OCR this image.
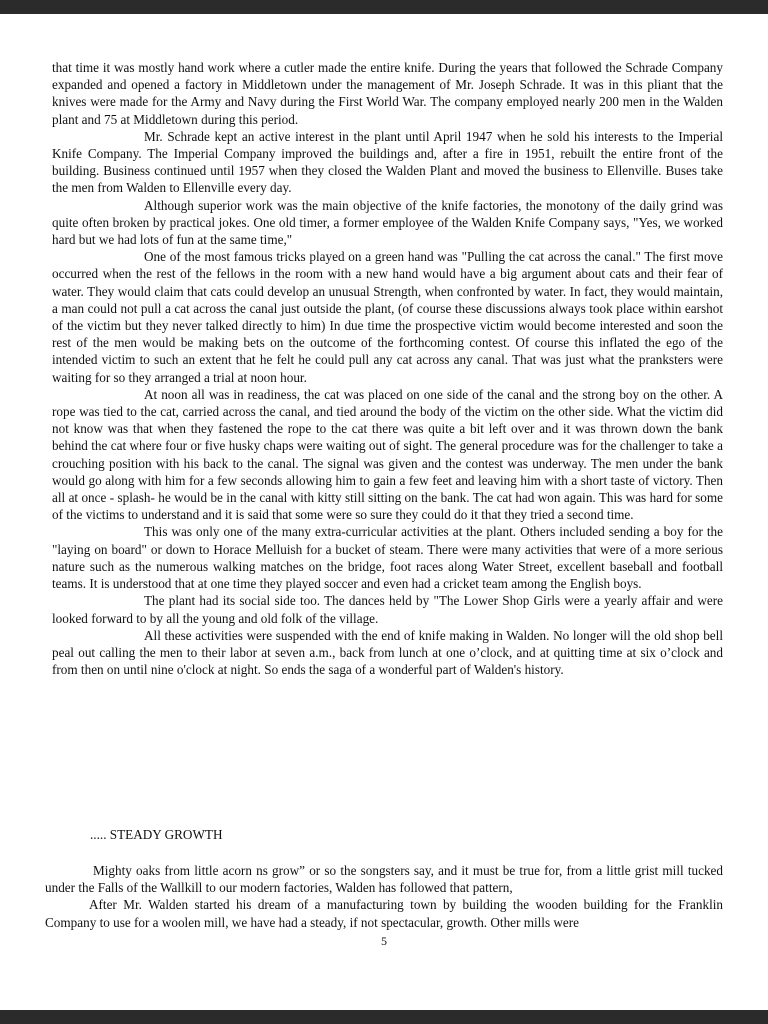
that time it was mostly hand work where a cutler made the entire knife. During the years that followed the Schrade Company expanded and opened a factory in Middletown under the management of Mr. Joseph Schrade. It was in this pliant that the knives were made for the Army and Navy during the First World War. The company employed nearly 200 men in the Walden plant and 75 at Middletown during this period.

Mr. Schrade kept an active interest in the plant until April 1947 when he sold his interests to the Imperial Knife Company. The Imperial Company improved the buildings and, after a fire in 1951, rebuilt the entire front of the building. Business continued until 1957 when they closed the Walden Plant and moved the business to Ellenville. Buses take the men from Walden to Ellenville every day.

Although superior work was the main objective of the knife factories, the monotony of the daily grind was quite often broken by practical jokes. One old timer, a former employee of the Walden Knife Company says, "Yes, we worked hard but we had lots of fun at the same time,"

One of the most famous tricks played on a green hand was "Pulling the cat across the canal." The first move occurred when the rest of the fellows in the room with a new hand would have a big argument about cats and their fear of water. They would claim that cats could develop an unusual Strength, when confronted by water. In fact, they would maintain, a man could not pull a cat across the canal just outside the plant, (of course these discussions always took place within earshot of the victim but they never talked directly to him) In due time the prospective victim would become interested and soon the rest of the men would be making bets on the outcome of the forthcoming contest. Of course this inflated the ego of the intended victim to such an extent that he felt he could pull any cat across any canal. That was just what the pranksters were waiting for so they arranged a trial at noon hour.

At noon all was in readiness, the cat was placed on one side of the canal and the strong boy on the other. A rope was tied to the cat, carried across the canal, and tied around the body of the victim on the other side. What the victim did not know was that when they fastened the rope to the cat there was quite a bit left over and it was thrown down the bank behind the cat where four or five husky chaps were waiting out of sight. The general procedure was for the challenger to take a crouching position with his back to the canal. The signal was given and the contest was underway. The men under the bank would go along with him for a few seconds allowing him to gain a few feet and leaving him with a short taste of victory. Then all at once - splash- he would be in the canal with kitty still sitting on the bank. The cat had won again. This was hard for some of the victims to understand and it is said that some were so sure they could do it that they tried a second time.

This was only one of the many extra-curricular activities at the plant. Others included sending a boy for the "laying on board" or down to Horace Melluish for a bucket of steam. There were many activities that were of a more serious nature such as the numerous walking matches on the bridge, foot races along Water Street, excellent baseball and football teams. It is understood that at one time they played soccer and even had a cricket team among the English boys.

The plant had its social side too. The dances held by "The Lower Shop Girls were a yearly affair and were looked forward to by all the young and old folk of the village.

All these activities were suspended with the end of knife making in Walden. No longer will the old shop bell peal out calling the men to their labor at seven a.m., back from lunch at one o’clock, and at quitting time at six o’clock and from then on until nine o'clock at night. So ends the saga of a wonderful part of Walden's history.

..... STEADY GROWTH

Mighty oaks from little acorn ns grow” or so the songsters say, and it must be true for, from a little grist mill tucked under the Falls of the Wallkill to our modern factories, Walden has followed that pattern,

After Mr. Walden started his dream of a manufacturing town by building the wooden building for the Franklin Company to use for a woolen mill, we have had a steady, if not spectacular, growth. Other mills were

5
